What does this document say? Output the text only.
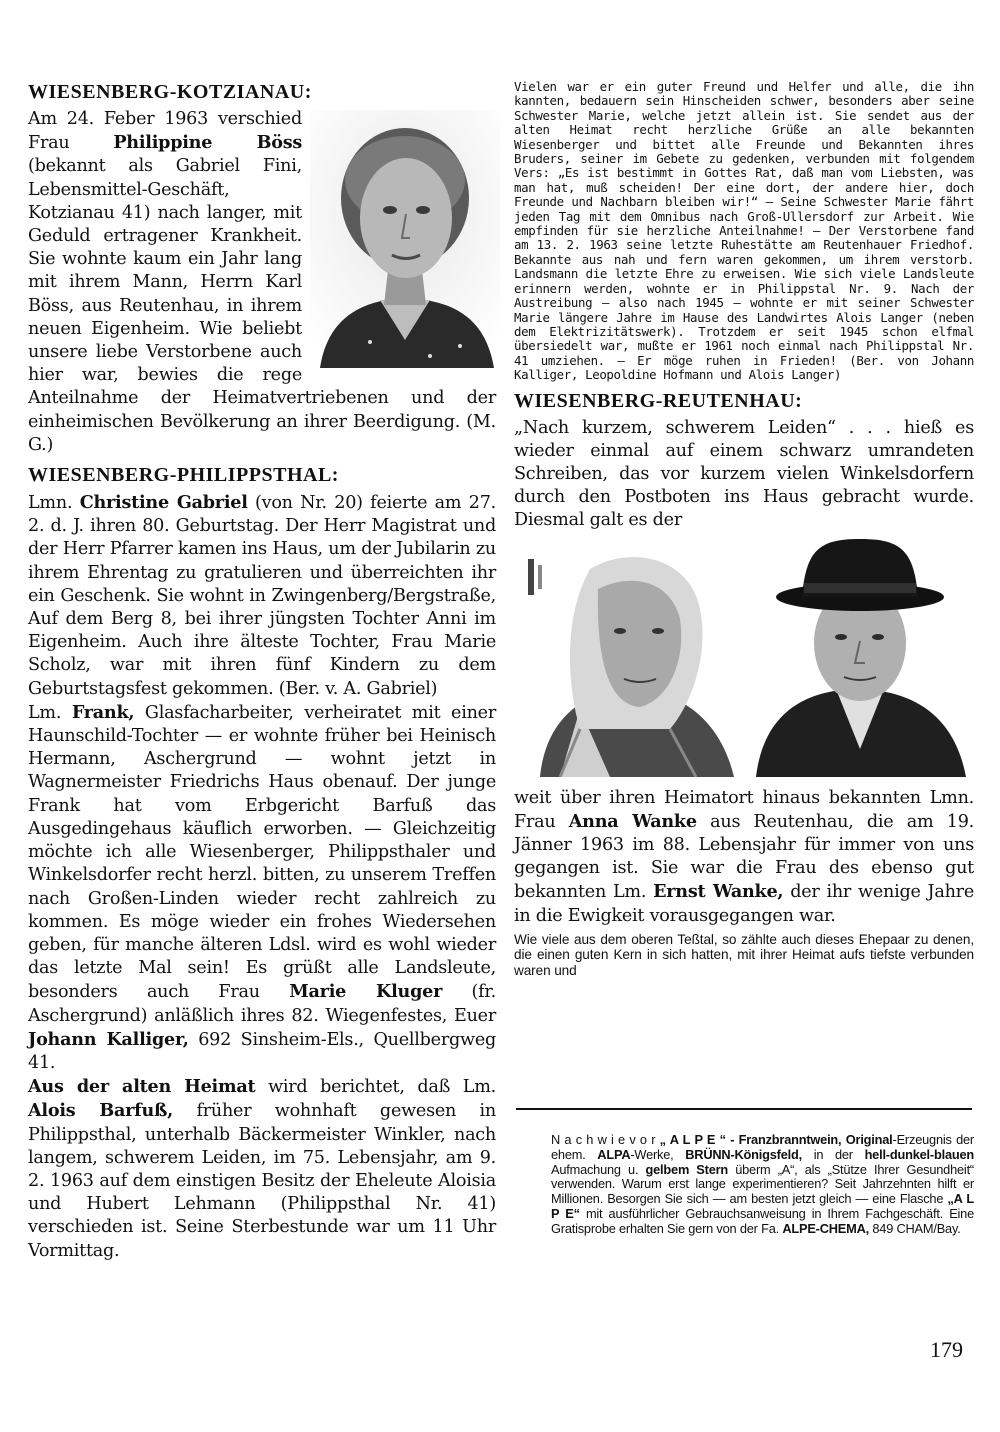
WIESENBERG-KOTZIANAU:

Am 24. Feber 1963 verschied Frau Philippine Böss (bekannt als Gabriel Fini, Lebensmittel-Geschäft, Kotzianau 41) nach langer, mit Geduld ertragener Krankheit. Sie wohnte kaum ein Jahr lang mit ihrem Mann, Herrn Karl Böss, aus Reutenhau, in ihrem neuen Eigenheim. Wie beliebt unsere liebe Verstorbene auch hier war, bewies die rege Anteilnahme der Heimatvertriebenen und der einheimischen Bevölkerung an ihrer Beerdigung. (M. G.)

WIESENBERG-PHILIPPSTHAL:

Lmn. Christine Gabriel (von Nr. 20) feierte am 27. 2. d. J. ihren 80. Geburtstag. Der Herr Magistrat und der Herr Pfarrer kamen ins Haus, um der Jubilarin zu ihrem Ehrentag zu gratulieren und überreichten ihr ein Geschenk. Sie wohnt in Zwingenberg/Bergstraße, Auf dem Berg 8, bei ihrer jüngsten Tochter Anni im Eigenheim. Auch ihre älteste Tochter, Frau Marie Scholz, war mit ihren fünf Kindern zu dem Geburtstagsfest gekommen. (Ber. v. A. Gabriel)

Lm. Frank, Glasfacharbeiter, verheiratet mit einer Haunschild-Tochter — er wohnte früher bei Heinisch Hermann, Aschergrund — wohnt jetzt in Wagnermeister Friedrichs Haus obenauf. Der junge Frank hat vom Erbgericht Barfuß das Ausgedingehaus käuflich erworben. — Gleichzeitig möchte ich alle Wiesenberger, Philippsthaler und Winkelsdorfer recht herzl. bitten, zu unserem Treffen nach Großen-Linden wieder recht zahlreich zu kommen. Es möge wieder ein frohes Wiedersehen geben, für manche älteren Ldsl. wird es wohl wieder das letzte Mal sein! Es grüßt alle Landsleute, besonders auch Frau Marie Kluger (fr. Aschergrund) anläßlich ihres 82. Wiegenfestes, Euer Johann Kalliger, 692 Sinsheim-Els., Quellbergweg 41.

Aus der alten Heimat wird berichtet, daß Lm. Alois Barfuß, früher wohnhaft gewesen in Philippsthal, unterhalb Bäckermeister Winkler, nach langem, schwerem Leiden, im 75. Lebensjahr, am 9. 2. 1963 auf dem einstigen Besitz der Eheleute Aloisia und Hubert Lehmann (Philippsthal Nr. 41) verschieden ist. Seine Sterbestunde war um 11 Uhr Vormittag.

Vielen war er ein guter Freund und Helfer und alle, die ihn kannten, bedauern sein Hinscheiden schwer, besonders aber seine Schwester Marie, welche jetzt allein ist. Sie sendet aus der alten Heimat recht herzliche Grüße an alle bekannten Wiesenberger und bittet alle Freunde und Bekannten ihres Bruders, seiner im Gebete zu gedenken, verbunden mit folgendem Vers: „Es ist bestimmt in Gottes Rat, daß man vom Liebsten, was man hat, muß scheiden! Der eine dort, der andere hier, doch Freunde und Nachbarn bleiben wir!“ — Seine Schwester Marie fährt jeden Tag mit dem Omnibus nach Groß-Ullersdorf zur Arbeit. Wie empfinden für sie herzliche Anteilnahme! — Der Verstorbene fand am 13. 2. 1963 seine letzte Ruhestätte am Reutenhauer Friedhof. Bekannte aus nah und fern waren gekommen, um ihrem verstorb. Landsmann die letzte Ehre zu erweisen. Wie sich viele Landsleute erinnern werden, wohnte er in Philippstal Nr. 9. Nach der Austreibung — also nach 1945 — wohnte er mit seiner Schwester Marie längere Jahre im Hause des Landwirtes Alois Langer (neben dem Elektrizitätswerk). Trotzdem er seit 1945 schon elfmal übersiedelt war, mußte er 1961 noch einmal nach Philippstal Nr. 41 umziehen. — Er möge ruhen in Frieden! (Ber. von Johann Kalliger, Leopoldine Hofmann und Alois Langer)

WIESENBERG-REUTENHAU:

„Nach kurzem, schwerem Leiden“ . . . hieß es wieder einmal auf einem schwarz umrandeten Schreiben, das vor kurzem vielen Winkelsdorfern durch den Postboten ins Haus gebracht wurde. Diesmal galt es der

weit über ihren Heimatort hinaus bekannten Lmn. Frau Anna Wanke aus Reutenhau, die am 19. Jänner 1963 im 88. Lebensjahr für immer von uns gegangen ist. Sie war die Frau des ebenso gut bekannten Lm. Ernst Wanke, der ihr wenige Jahre in die Ewigkeit vorausgegangen war.

Wie viele aus dem oberen Teßtal, so zählte auch dieses Ehepaar zu denen, die einen guten Kern in sich hatten, mit ihrer Heimat aufs tiefste verbunden waren und

N a c h w i e v o r „ A L P E “ - Franzbranntwein, Original-Erzeugnis der ehem. ALPA-Werke, BRÜNN-Königsfeld, in der hell-dunkel-blauen Aufmachung u. gelbem Stern überm „A“, als „Stütze Ihrer Gesundheit“ verwenden. Warum erst lange experimentieren? Seit Jahrzehnten hilft er Millionen. Besorgen Sie sich — am besten jetzt gleich — eine Flasche „A L P E“ mit ausführlicher Gebrauchsanweisung in Ihrem Fachgeschäft. Eine Gratisprobe erhalten Sie gern von der Fa. ALPE-CHEMA, 849 CHAM/Bay.
179
